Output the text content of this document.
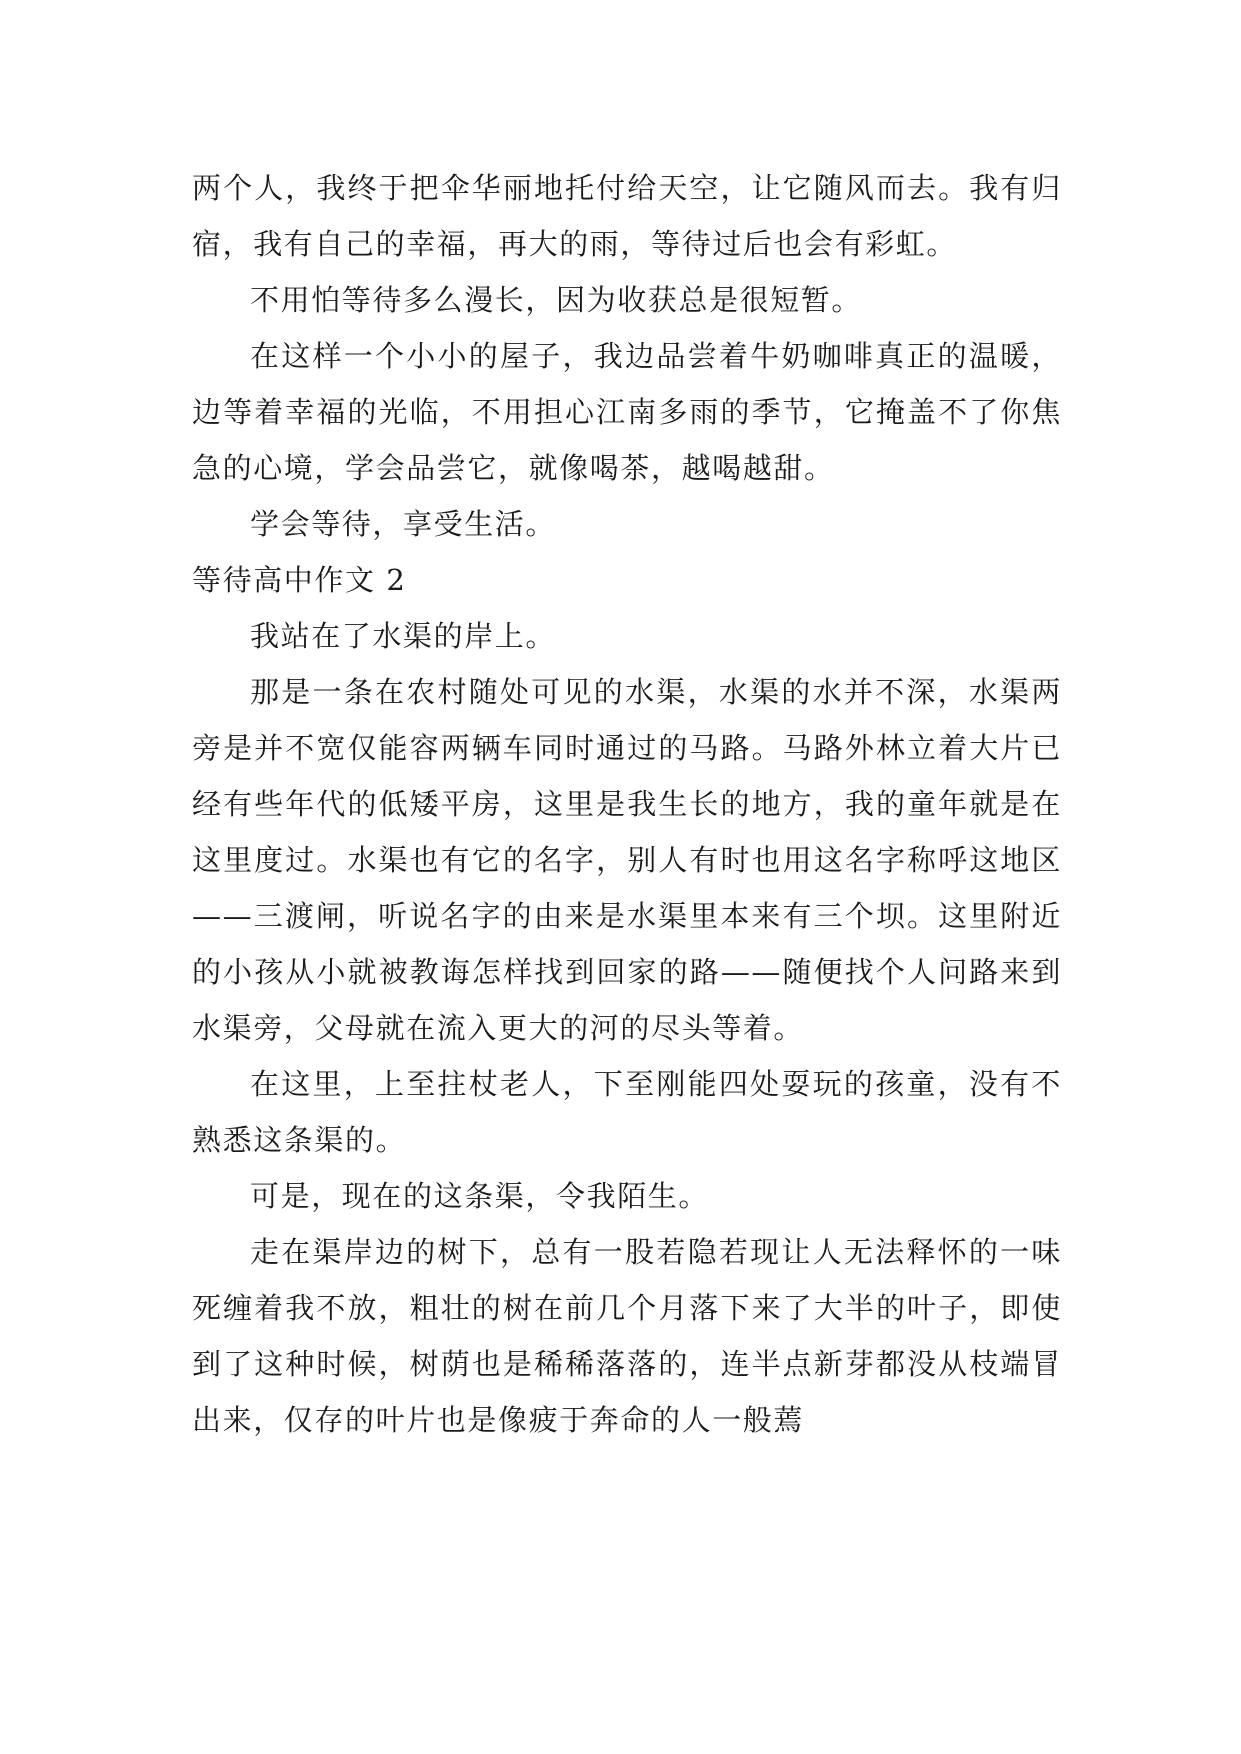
两个人，我终于把伞华丽地托付给天空，让它随风而去。我有归宿，我有自己的幸福，再大的雨，等待过后也会有彩虹。

不用怕等待多么漫长，因为收获总是很短暂。

在这样一个小小的屋子，我边品尝着牛奶咖啡真正的温暖，边等着幸福的光临，不用担心江南多雨的季节，它掩盖不了你焦急的心境，学会品尝它，就像喝茶，越喝越甜。

学会等待，享受生活。

等待高中作文 2

我站在了水渠的岸上。

那是一条在农村随处可见的水渠，水渠的水并不深，水渠两旁是并不宽仅能容两辆车同时通过的马路。马路外林立着大片已经有些年代的低矮平房，这里是我生长的地方，我的童年就是在这里度过。水渠也有它的名字，别人有时也用这名字称呼这地区——三渡闸，听说名字的由来是水渠里本来有三个坝。这里附近的小孩从小就被教诲怎样找到回家的路——随便找个人问路来到水渠旁，父母就在流入更大的河的尽头等着。

在这里，上至拄杖老人，下至刚能四处耍玩的孩童，没有不熟悉这条渠的。

可是，现在的这条渠，令我陌生。

走在渠岸边的树下，总有一股若隐若现让人无法释怀的一味死缠着我不放，粗壮的树在前几个月落下来了大半的叶子，即使到了这种时候，树荫也是稀稀落落的，连半点新芽都没从枝端冒出来，仅存的叶片也是像疲于奔命的人一般蔫
